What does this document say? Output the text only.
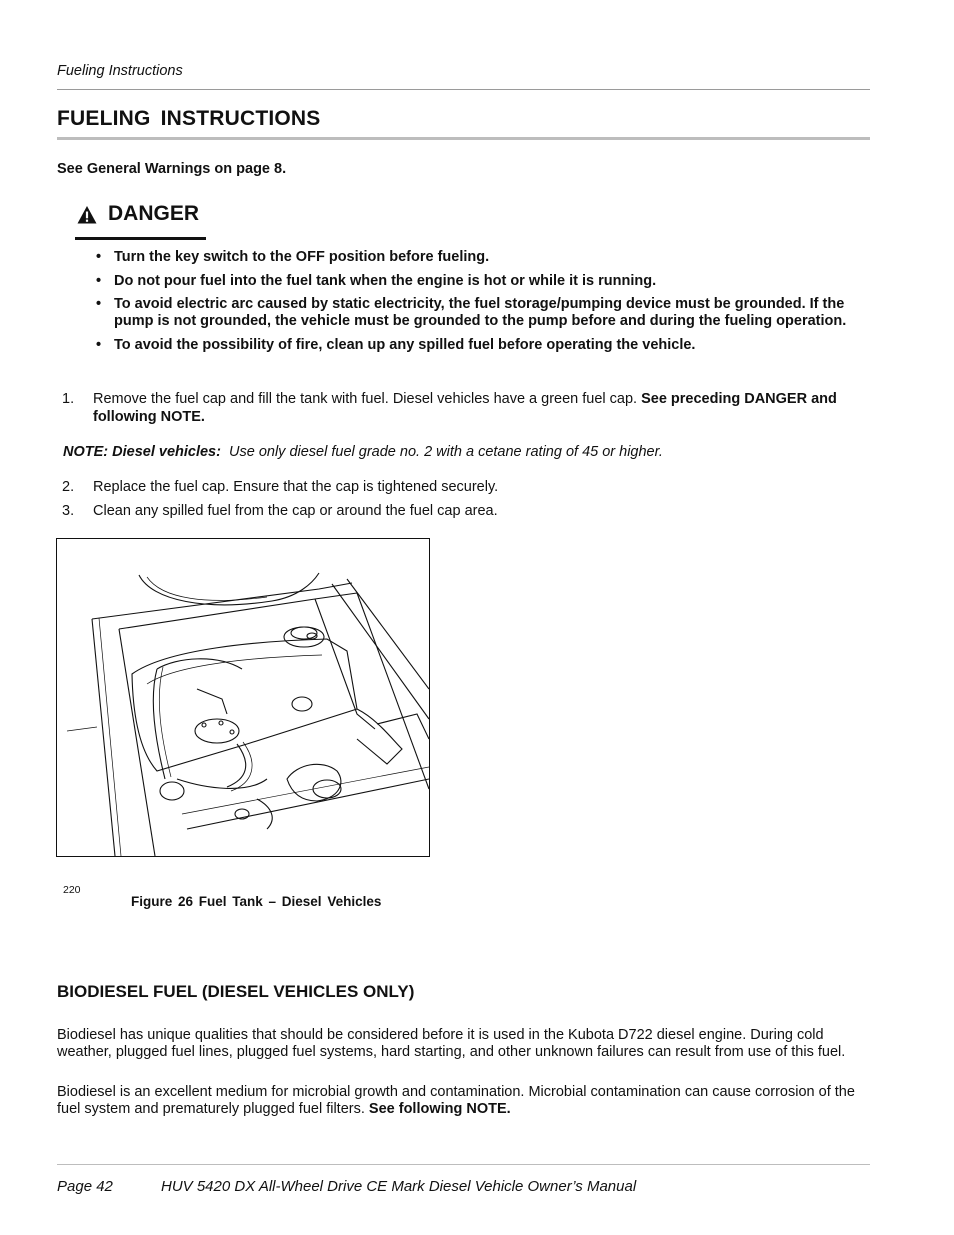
Fueling Instructions
FUELING INSTRUCTIONS
See General Warnings on page 8.
DANGER
• Turn the key switch to the OFF position before fueling.
• Do not pour fuel into the fuel tank when the engine is hot or while it is running.
• To avoid electric arc caused by static electricity, the fuel storage/pumping device must be grounded. If the pump is not grounded, the vehicle must be grounded to the pump before and during the fueling operation.
• To avoid the possibility of fire, clean up any spilled fuel before operating the vehicle.
1. Remove the fuel cap and fill the tank with fuel. Diesel vehicles have a green fuel cap. See preceding DANGER and following NOTE.
NOTE: Diesel vehicles: Use only diesel fuel grade no. 2 with a cetane rating of 45 or higher.
2. Replace the fuel cap. Ensure that the cap is tightened securely.
3. Clean any spilled fuel from the cap or around the fuel cap area.
220
Figure 26 Fuel Tank – Diesel Vehicles
BIODIESEL FUEL (DIESEL VEHICLES ONLY)
Biodiesel has unique qualities that should be considered before it is used in the Kubota D722 diesel engine. During cold weather, plugged fuel lines, plugged fuel systems, hard starting, and other unknown failures can result from use of this fuel.
Biodiesel is an excellent medium for microbial growth and contamination. Microbial contamination can cause corrosion of the fuel system and prematurely plugged fuel filters. See following NOTE.
Page 42	HUV 5420 DX All-Wheel Drive CE Mark Diesel Vehicle Owner’s Manual
